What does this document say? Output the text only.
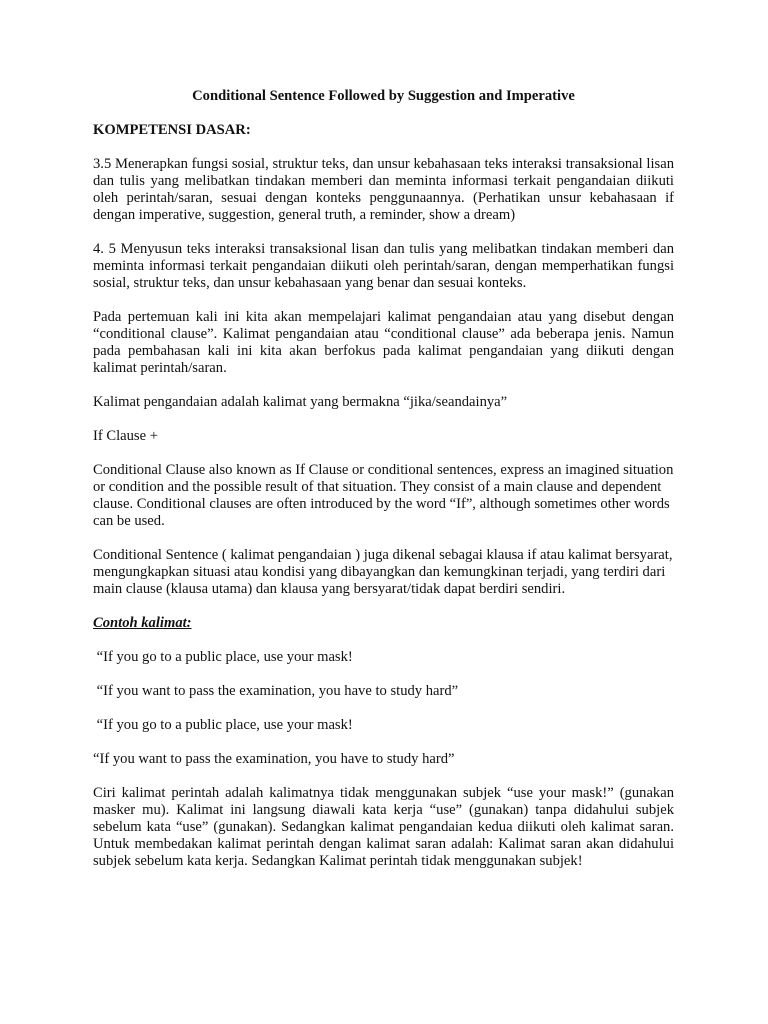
Conditional Sentence Followed by Suggestion and Imperative
KOMPETENSI DASAR:

3.5 Menerapkan fungsi sosial, struktur teks, dan unsur kebahasaan teks interaksi transaksional lisan dan tulis yang melibatkan tindakan memberi dan meminta informasi terkait pengandaian diikuti oleh perintah/saran, sesuai dengan konteks penggunaannya. (Perhatikan unsur kebahasaan if dengan imperative, suggestion, general truth, a reminder, show a dream)

4. 5 Menyusun teks interaksi transaksional lisan dan tulis yang melibatkan tindakan memberi dan meminta informasi terkait pengandaian diikuti oleh perintah/saran, dengan memperhatikan fungsi sosial, struktur teks, dan unsur kebahasaan yang benar dan sesuai konteks.

Pada pertemuan kali ini kita akan mempelajari kalimat pengandaian atau yang disebut dengan “conditional clause”. Kalimat pengandaian atau “conditional clause” ada beberapa jenis. Namun pada pembahasan kali ini kita akan berfokus pada kalimat pengandaian yang diikuti dengan kalimat perintah/saran.

Kalimat pengandaian adalah kalimat yang bermakna “jika/seandainya”

If Clause +

Conditional Clause also known as If Clause or conditional sentences, express an imagined situation or condition and the possible result of that situation. They consist of a main clause and dependent clause. Conditional clauses are often introduced by the word “If”, although sometimes other words can be used.

Conditional Sentence ( kalimat pengandaian ) juga dikenal sebagai klausa if atau kalimat bersyarat, mengungkapkan situasi atau kondisi yang dibayangkan dan kemungkinan terjadi, yang terdiri dari main clause (klausa utama) dan klausa yang bersyarat/tidak dapat berdiri sendiri.

Contoh kalimat:

“If you go to a public place, use your mask!

“If you want to pass the examination, you have to study hard”

“If you go to a public place, use your mask!

“If you want to pass the examination, you have to study hard”

Ciri kalimat perintah adalah kalimatnya tidak menggunakan subjek “use your mask!” (gunakan masker mu). Kalimat ini langsung diawali kata kerja “use” (gunakan) tanpa didahului subjek sebelum kata “use” (gunakan). Sedangkan kalimat pengandaian kedua diikuti oleh kalimat saran. Untuk membedakan kalimat perintah dengan kalimat saran adalah: Kalimat saran akan didahului subjek sebelum kata kerja. Sedangkan Kalimat perintah tidak menggunakan subjek!
